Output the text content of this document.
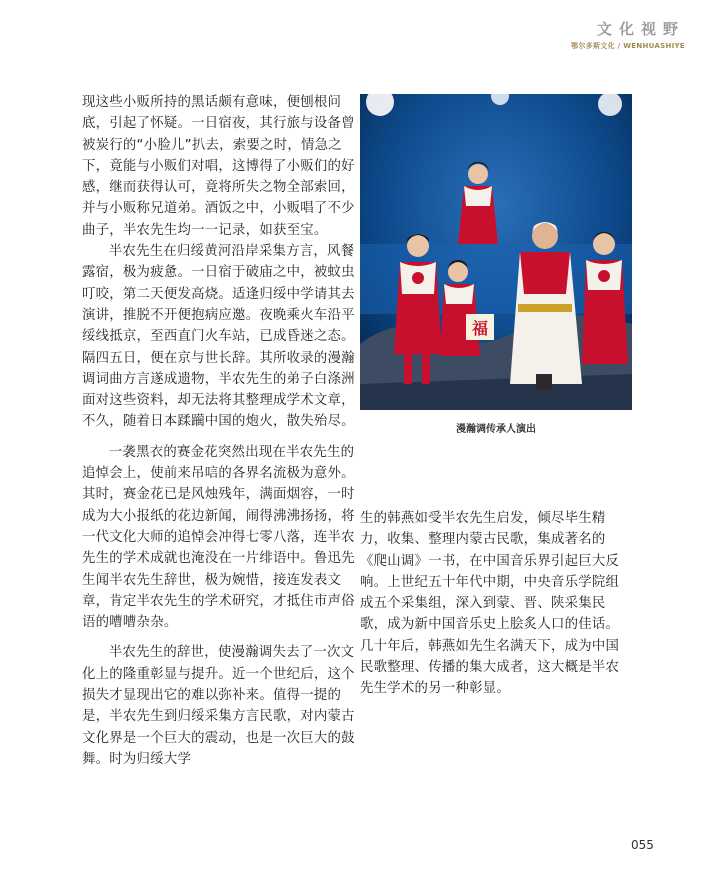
文化视野
鄂尔多斯文化 / WENHUASHIYE

现这些小贩所持的黑话颇有意味，便刨根问底，引起了怀疑。一日宿夜，其行旅与设备曾被炭行的“小脸儿”扒去，索要之时，情急之下，竟能与小贩们对唱，这博得了小贩们的好感，继而获得认可，竟将所失之物全部索回，并与小贩称兄道弟。酒饭之中，小贩唱了不少曲子，半农先生均一一记录，如获至宝。

半农先生在归绥黄河沿岸采集方言，风餐露宿，极为疲惫。一日宿于破庙之中，被蚊虫叮咬，第二天便发高烧。适逢归绥中学请其去演讲，推脱不开便抱病应邀。夜晚乘火车沿平绥线抵京，至西直门火车站，已成昏迷之态。隔四五日，便在京与世长辞。其所收录的漫瀚调词曲方言遂成遗物，半农先生的弟子白涤洲面对这些资料，却无法将其整理成学术文章，不久，随着日本蹂躏中国的炮火，散失殆尽。

一袭黑衣的赛金花突然出现在半农先生的追悼会上，使前来吊唁的各界名流极为意外。其时，赛金花已是风烛残年，满面烟容，一时成为大小报纸的花边新闻，闹得沸沸扬扬，将一代文化大师的追悼会冲得七零八落，连半农先生的学术成就也淹没在一片绯语中。鲁迅先生闻半农先生辞世，极为婉惜，接连发表文章，肯定半农先生的学术研究，才抵住市声俗语的嘈嘈杂杂。

半农先生的辞世，使漫瀚调失去了一次文化上的隆重彰显与提升。近一个世纪后，这个损失才显现出它的难以弥补来。值得一提的是，半农先生到归绥采集方言民歌，对内蒙古文化界是一个巨大的震动，也是一次巨大的鼓舞。时为归绥大学

福

漫瀚调传承人演出

生的韩燕如受半农先生启发，倾尽毕生精力，收集、整理内蒙古民歌，集成著名的《爬山调》一书，在中国音乐界引起巨大反响。上世纪五十年代中期，中央音乐学院组成五个采集组，深入到蒙、晋、陕采集民歌，成为新中国音乐史上脍炙人口的佳话。几十年后，韩燕如先生名满天下，成为中国民歌整理、传播的集大成者，这大概是半农先生学术的另一种彰显。

055
